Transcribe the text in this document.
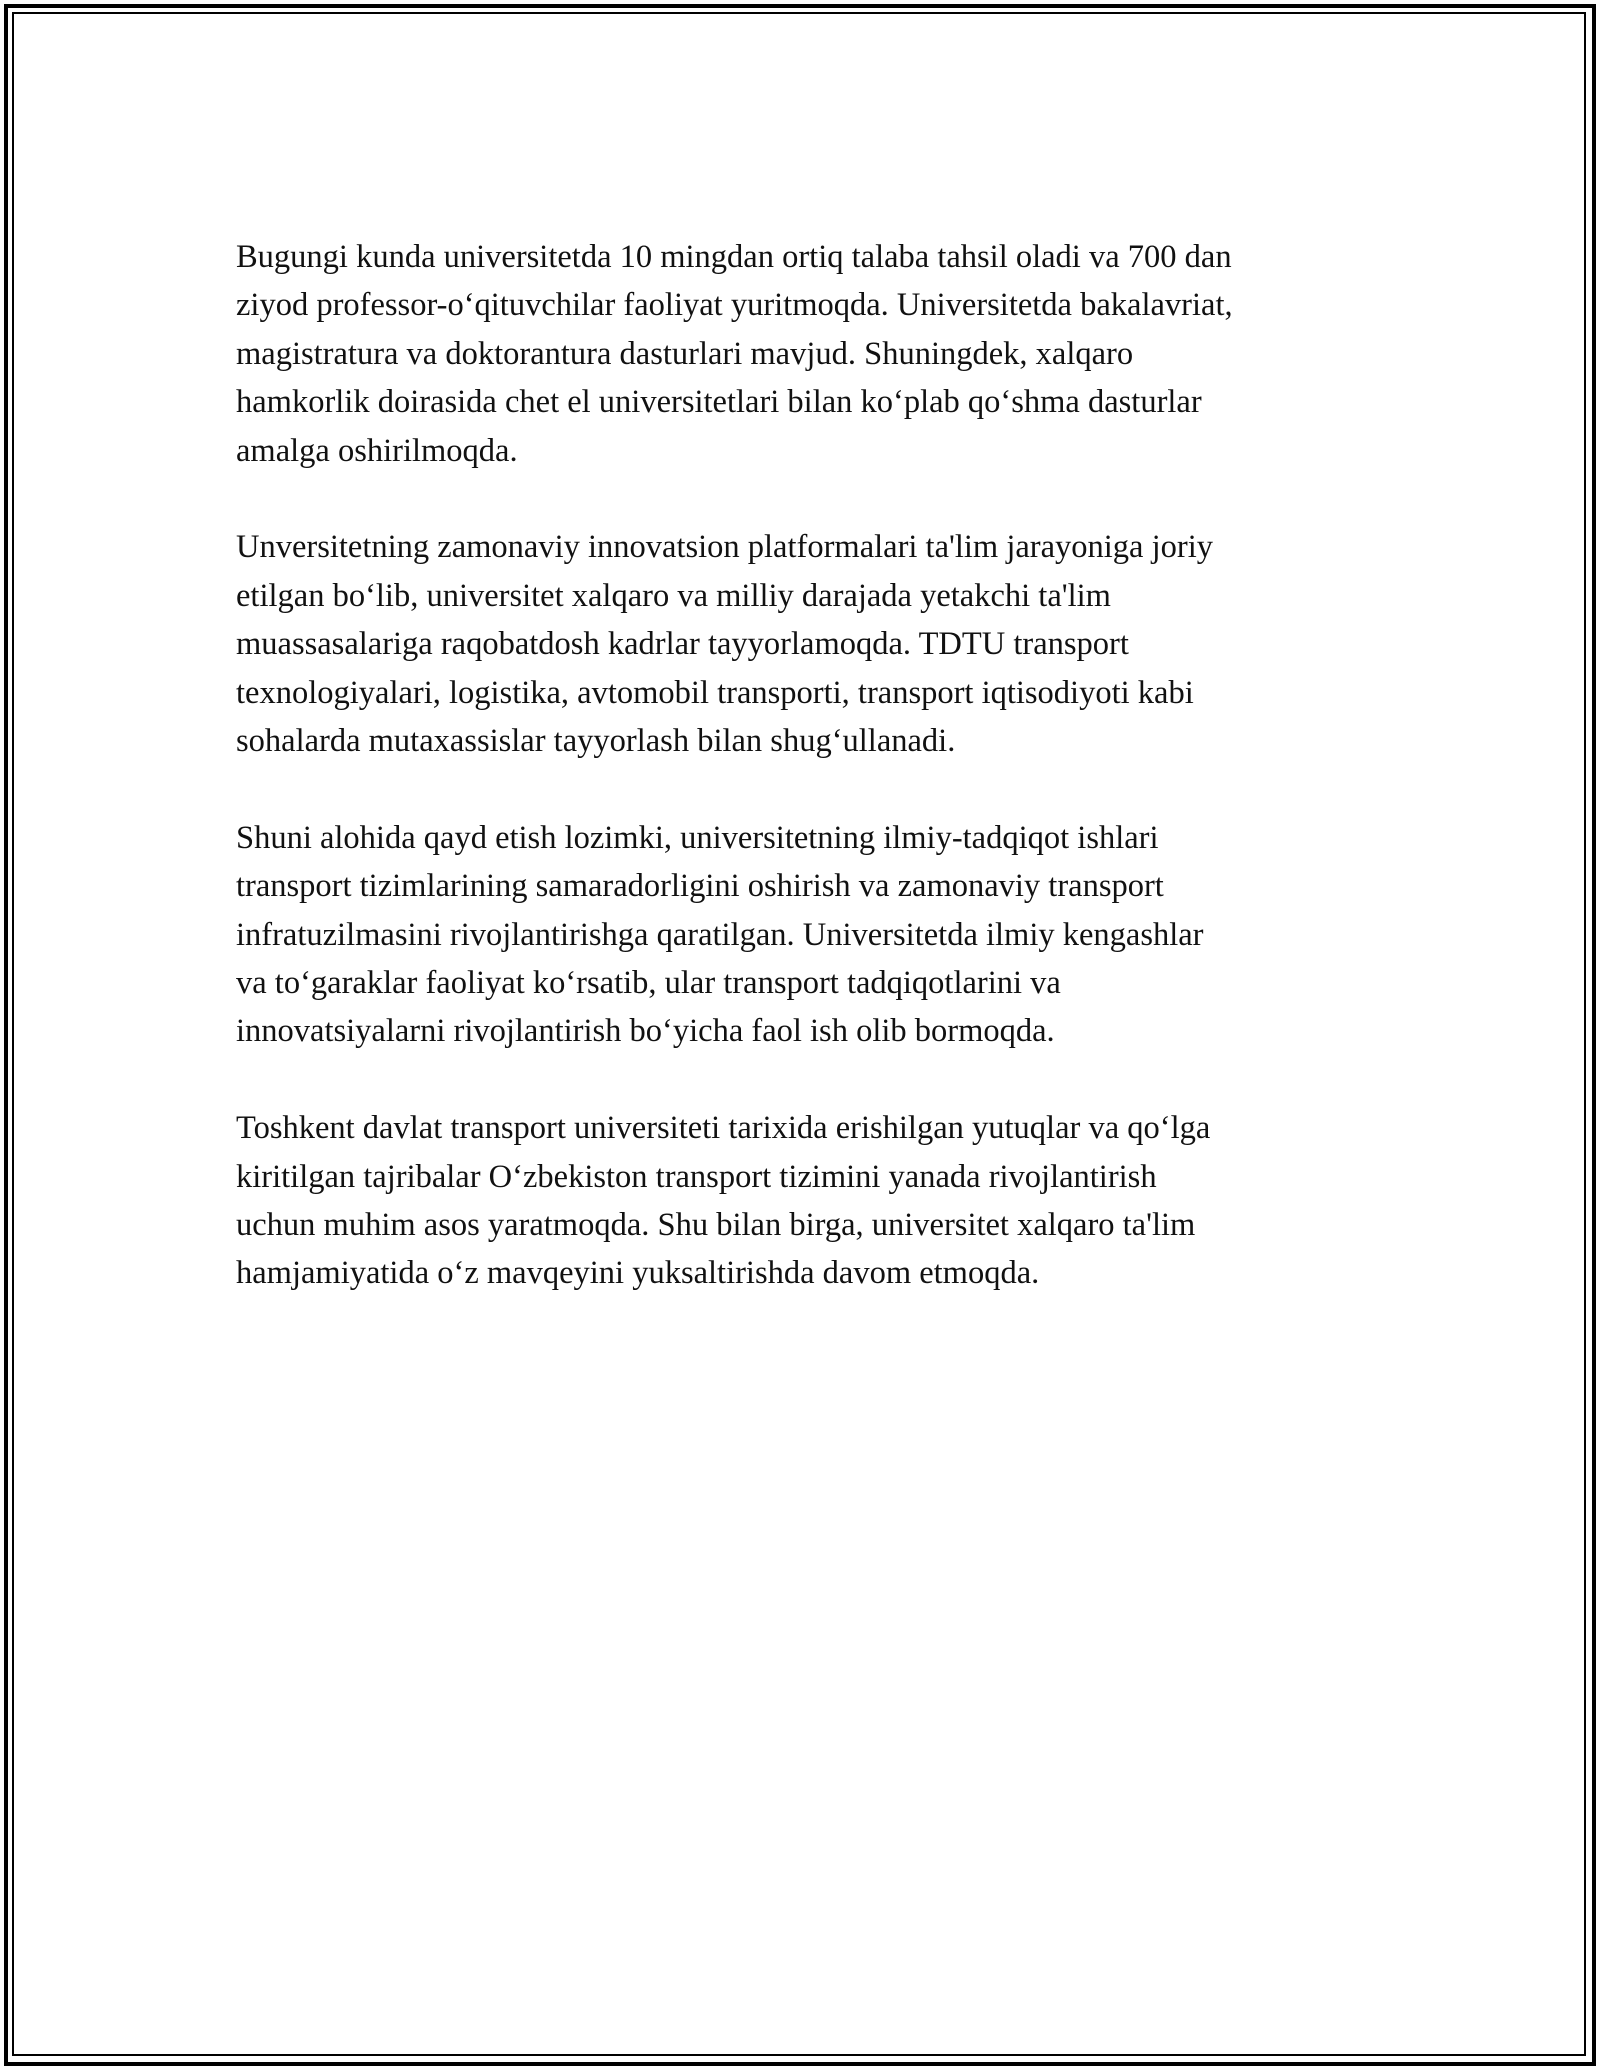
Bugungi kunda universitetda 10 mingdan ortiq talaba tahsil oladi va 700 dan

ziyod professor-o‘qituvchilar faoliyat yuritmoqda. Universitetda bakalavriat,

magistratura va doktorantura dasturlari mavjud. Shuningdek, xalqaro

hamkorlik doirasida chet el universitetlari bilan ko‘plab qo‘shma dasturlar

amalga oshirilmoqda.

Unversitetning zamonaviy innovatsion platformalari ta'lim jarayoniga joriy

etilgan bo‘lib, universitet xalqaro va milliy darajada yetakchi ta'lim

muassasalariga raqobatdosh kadrlar tayyorlamoqda. TDTU transport

texnologiyalari, logistika, avtomobil transporti, transport iqtisodiyoti kabi

sohalarda mutaxassislar tayyorlash bilan shug‘ullanadi.

Shuni alohida qayd etish lozimki, universitetning ilmiy-tadqiqot ishlari

transport tizimlarining samaradorligini oshirish va zamonaviy transport

infratuzilmasini rivojlantirishga qaratilgan. Universitetda ilmiy kengashlar

va to‘garaklar faoliyat ko‘rsatib, ular transport tadqiqotlarini va

innovatsiyalarni rivojlantirish bo‘yicha faol ish olib bormoqda.

Toshkent davlat transport universiteti tarixida erishilgan yutuqlar va qo‘lga

kiritilgan tajribalar O‘zbekiston transport tizimini yanada rivojlantirish

uchun muhim asos yaratmoqda. Shu bilan birga, universitet xalqaro ta'lim

hamjamiyatida o‘z mavqeyini yuksaltirishda davom etmoqda.
